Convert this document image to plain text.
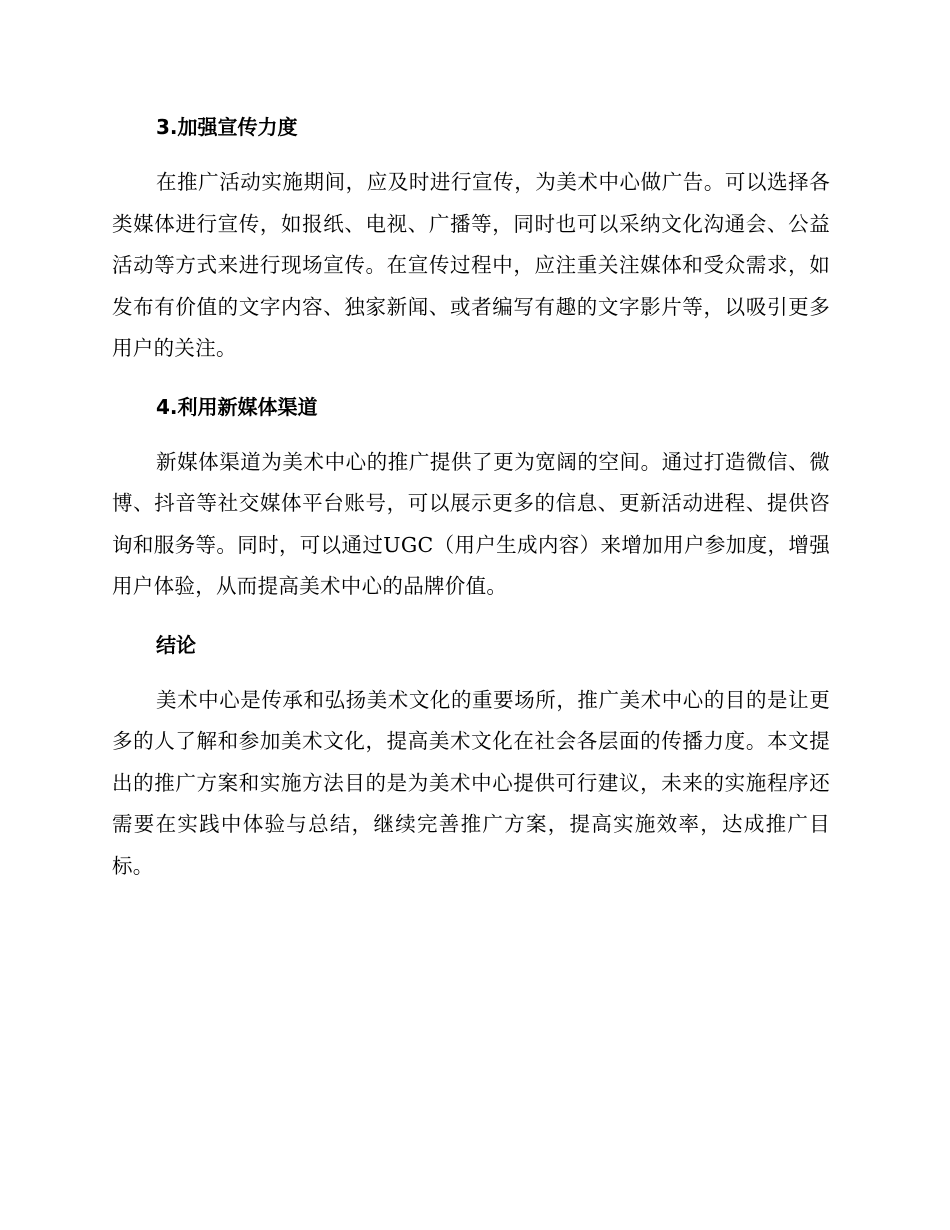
3.加强宣传力度

在推广活动实施期间，应及时进行宣传，为美术中心做广告。可以选择各类媒体进行宣传，如报纸、电视、广播等，同时也可以采纳文化沟通会、公益活动等方式来进行现场宣传。在宣传过程中，应注重关注媒体和受众需求，如发布有价值的文字内容、独家新闻、或者编写有趣的文字影片等，以吸引更多用户的关注。

4.利用新媒体渠道

新媒体渠道为美术中心的推广提供了更为宽阔的空间。通过打造微信、微博、抖音等社交媒体平台账号，可以展示更多的信息、更新活动进程、提供咨询和服务等。同时，可以通过UGC（用户生成内容）来增加用户参加度，增强用户体验，从而提高美术中心的品牌价值。

结论

美术中心是传承和弘扬美术文化的重要场所，推广美术中心的目的是让更多的人了解和参加美术文化，提高美术文化在社会各层面的传播力度。本文提出的推广方案和实施方法目的是为美术中心提供可行建议，未来的实施程序还需要在实践中体验与总结，继续完善推广方案，提高实施效率，达成推广目标。
